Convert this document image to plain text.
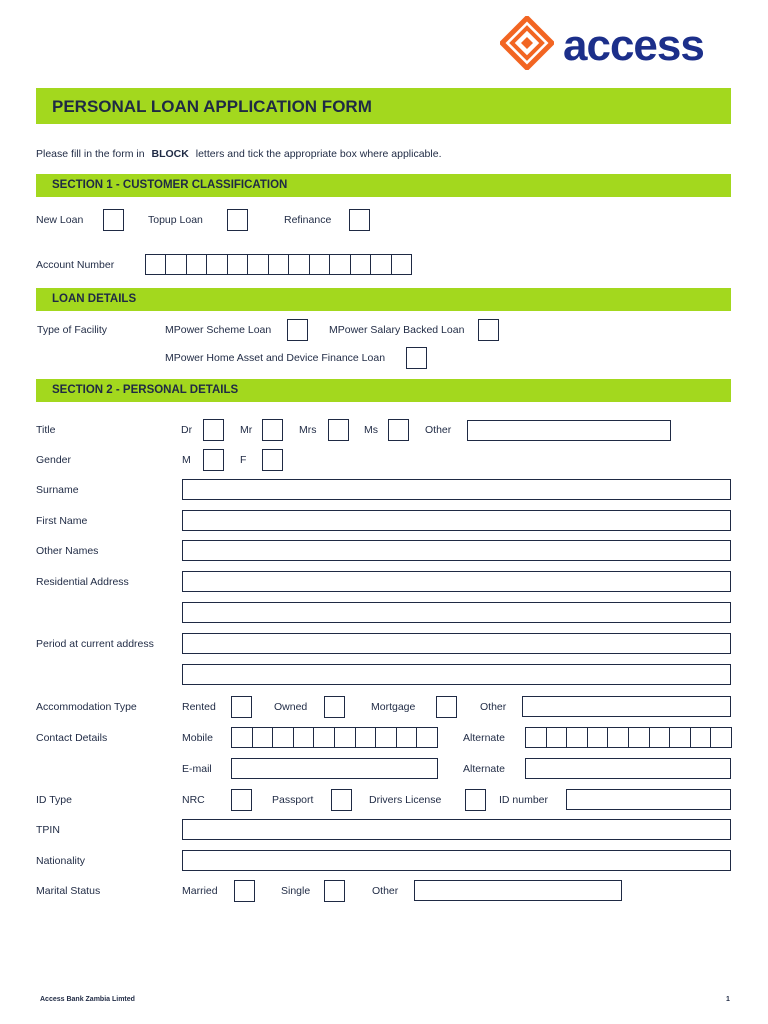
access
PERSONAL LOAN APPLICATION FORM
Please fill in the form in BLOCK letters and tick the appropriate box where applicable.
SECTION 1 - CUSTOMER CLASSIFICATION
New Loan	Topup Loan	Refinance
Account Number
LOAN DETAILS
Type of Facility	MPower Scheme Loan	MPower Salary Backed Loan
MPower Home Asset and Device Finance Loan
SECTION 2 - PERSONAL DETAILS
Title	Dr	Mr	Mrs	Ms	Other
Gender	M	F
Surname
First Name
Other Names
Residential Address
Period at current address
Accommodation Type	Rented	Owned	Mortgage	Other
Contact Details	Mobile	Alternate
E-mail	Alternate
ID Type	NRC	Passport	Drivers License	ID number
TPIN
Nationality
Marital Status	Married	Single	Other
Access Bank Zambia Limted	1
